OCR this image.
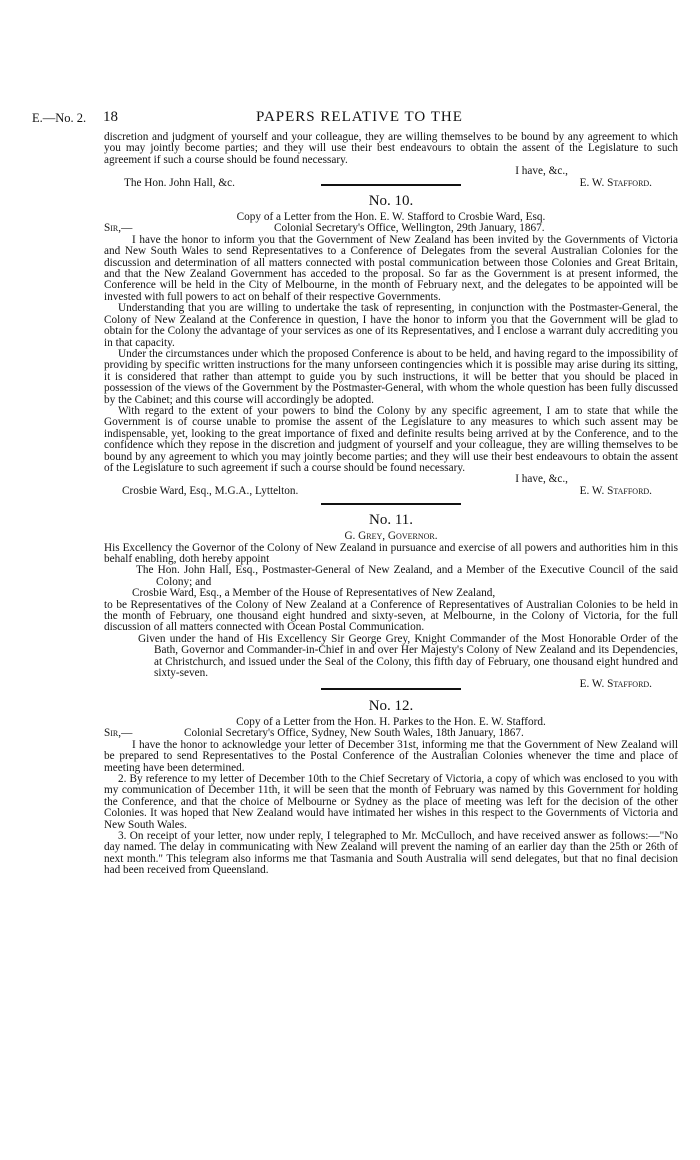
E.—No. 2. 18	PAPERS RELATIVE TO THE

discretion and judgment of yourself and your colleague, they are willing themselves to be bound by any agreement to which you may jointly become parties; and they will use their best endeavours to obtain the assent of the Legislature to such agreement if such a course should be found necessary.

I have, &c.,

The Hon. John Hall, &c.	E. W. Stafford.
No. 10.

Copy of a Letter from the Hon. E. W. Stafford to Crosbie Ward, Esq.

Sir,—	Colonial Secretary's Office, Wellington, 29th January, 1867.

I have the honor to inform you that the Government of New Zealand has been invited by the Governments of Victoria and New South Wales to send Representatives to a Conference of Delegates from the several Australian Colonies for the discussion and determination of all matters connected with postal communication between those Colonies and Great Britain, and that the New Zealand Government has acceded to the proposal. So far as the Government is at present informed, the Conference will be held in the City of Melbourne, in the month of February next, and the delegates to be appointed will be invested with full powers to act on behalf of their respective Governments.

Understanding that you are willing to undertake the task of representing, in conjunction with the Postmaster-General, the Colony of New Zealand at the Conference in question, I have the honor to inform you that the Government will be glad to obtain for the Colony the advantage of your services as one of its Representatives, and I enclose a warrant duly accrediting you in that capacity.

Under the circumstances under which the proposed Conference is about to be held, and having regard to the impossibility of providing by specific written instructions for the many unforseen contingencies which it is possible may arise during its sitting, it is considered that rather than attempt to guide you by such instructions, it will be better that you should be placed in possession of the views of the Government by the Postmaster-General, with whom the whole question has been fully discussed by the Cabinet; and this course will accordingly be adopted.

With regard to the extent of your powers to bind the Colony by any specific agreement, I am to state that while the Government is of course unable to promise the assent of the Legislature to any measures to which such assent may be indispensable, yet, looking to the great importance of fixed and definite results being arrived at by the Conference, and to the confidence which they repose in the discretion and judgment of yourself and your colleague, they are willing themselves to be bound by any agreement to which you may jointly become parties; and they will use their best endeavours to obtain the assent of the Legislature to such agreement if such a course should be found necessary.

I have, &c.,

Crosbie Ward, Esq., M.G.A., Lyttelton.	E. W. Stafford.
No. 11.

G. Grey, Governor.

His Excellency the Governor of the Colony of New Zealand in pursuance and exercise of all powers and authorities him in this behalf enabling, doth hereby appoint

The Hon. John Hall, Esq., Postmaster-General of New Zealand, and a Member of the Executive Council of the said Colony; and

Crosbie Ward, Esq., a Member of the House of Representatives of New Zealand,

to be Representatives of the Colony of New Zealand at a Conference of Representatives of Australian Colonies to be held in the month of February, one thousand eight hundred and sixty-seven, at Melbourne, in the Colony of Victoria, for the full discussion of all matters connected with Ocean Postal Communication.

Given under the hand of His Excellency Sir George Grey, Knight Commander of the Most Honorable Order of the Bath, Governor and Commander-in-Chief in and over Her Majesty's Colony of New Zealand and its Dependencies, at Christchurch, and issued under the Seal of the Colony, this fifth day of February, one thousand eight hundred and sixty-seven.

E. W. Stafford.

No. 12.

Copy of a Letter from the Hon. H. Parkes to the Hon. E. W. Stafford.

Sir,—	Colonial Secretary's Office, Sydney, New South Wales, 18th January, 1867.

I have the honor to acknowledge your letter of December 31st, informing me that the Government of New Zealand will be prepared to send Representatives to the Postal Conference of the Australian Colonies whenever the time and place of meeting have been determined.

2. By reference to my letter of December 10th to the Chief Secretary of Victoria, a copy of which was enclosed to you with my communication of December 11th, it will be seen that the month of February was named by this Government for holding the Conference, and that the choice of Melbourne or Sydney as the place of meeting was left for the decision of the other Colonies. It was hoped that New Zealand would have intimated her wishes in this respect to the Governments of Victoria and New South Wales.

3. On receipt of your letter, now under reply, I telegraphed to Mr. McCulloch, and have received answer as follows:—"No day named. The delay in communicating with New Zealand will prevent the naming of an earlier day than the 25th or 26th of next month." This telegram also informs me that Tasmania and South Australia will send delegates, but that no final decision had been received from Queensland.
